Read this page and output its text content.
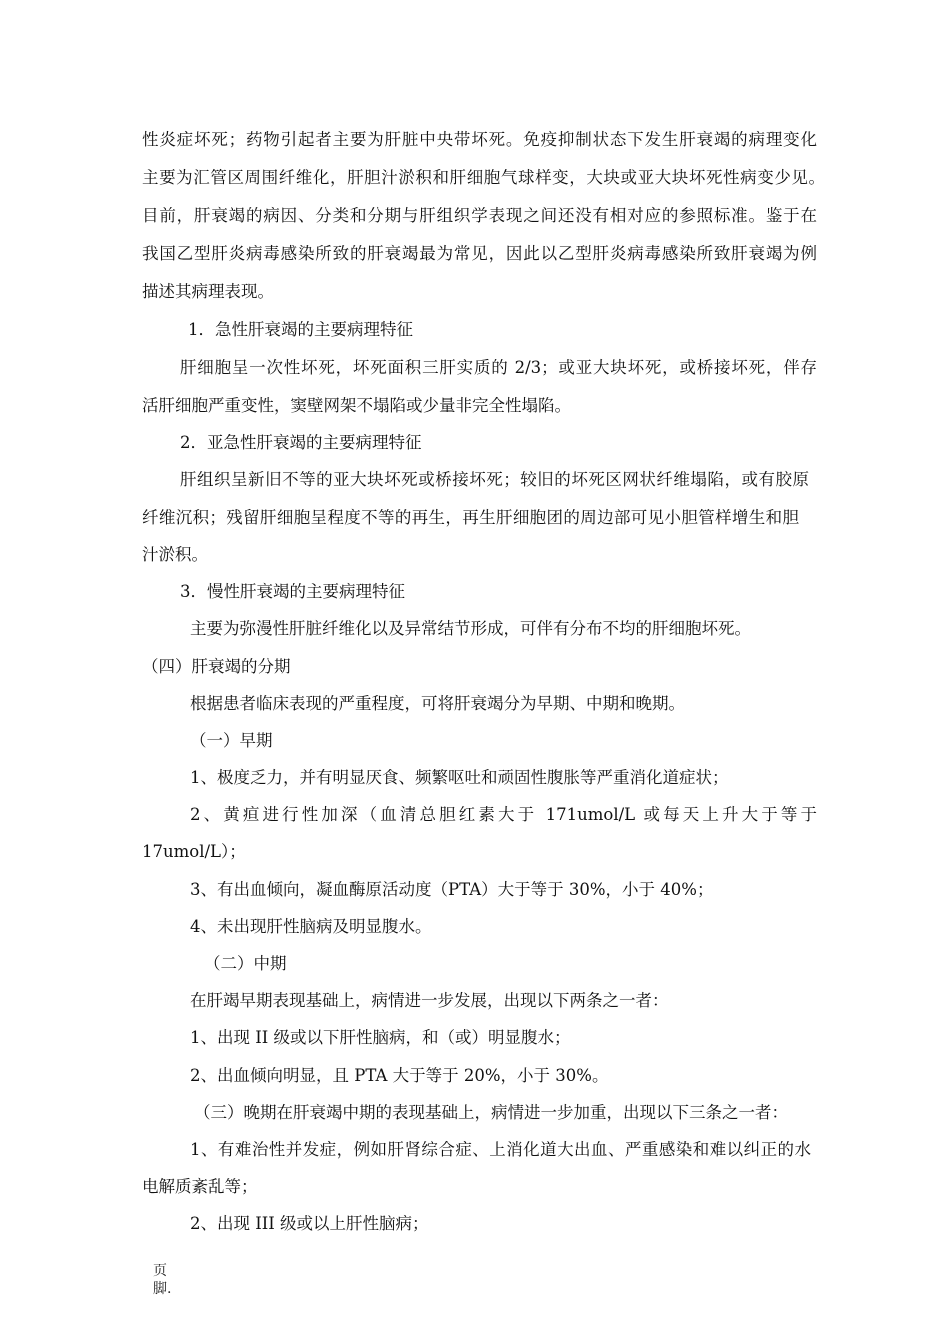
性炎症坏死；药物引起者主要为肝脏中央带坏死。免疫抑制状态下发生肝衰竭的病理变化
主要为汇管区周围纤维化，肝胆汁淤积和肝细胞气球样变，大块或亚大块坏死性病变少见。
目前，肝衰竭的病因、分类和分期与肝组织学表现之间还没有相对应的参照标准。鉴于在
我国乙型肝炎病毒感染所致的肝衰竭最为常见，因此以乙型肝炎病毒感染所致肝衰竭为例
描述其病理表现。
1．急性肝衰竭的主要病理特征
肝细胞呈一次性坏死，坏死面积三肝实质的 2/3；或亚大块坏死，或桥接坏死，伴存
活肝细胞严重变性，窦壁网架不塌陷或少量非完全性塌陷。
2．亚急性肝衰竭的主要病理特征
肝组织呈新旧不等的亚大块坏死或桥接坏死；较旧的坏死区网状纤维塌陷，或有胶原
纤维沉积；残留肝细胞呈程度不等的再生，再生肝细胞团的周边部可见小胆管样增生和胆
汁淤积。
3．慢性肝衰竭的主要病理特征
主要为弥漫性肝脏纤维化以及异常结节形成，可伴有分布不均的肝细胞坏死。
（四）肝衰竭的分期
根据患者临床表现的严重程度，可将肝衰竭分为早期、中期和晚期。
（一）早期
1、极度乏力，并有明显厌食、频繁呕吐和顽固性腹胀等严重消化道症状；
2、黄疸进行性加深（血清总胆红素大于 171umol/L 或每天上升大于等于
17umol/L）；
3、有出血倾向，凝血酶原活动度（PTA）大于等于 30%，小于 40%；
4、未出现肝性脑病及明显腹水。
（二）中期
在肝竭早期表现基础上，病情进一步发展，出现以下两条之一者：
1、出现 II 级或以下肝性脑病，和（或）明显腹水；
2、出血倾向明显，且 PTA 大于等于 20%，小于 30%。
（三）晚期在肝衰竭中期的表现基础上，病情进一步加重，出现以下三条之一者：
1、有难治性并发症，例如肝肾综合症、上消化道大出血、严重感染和难以纠正的水
电解质紊乱等；
2、出现 III 级或以上肝性脑病；
页
脚.
